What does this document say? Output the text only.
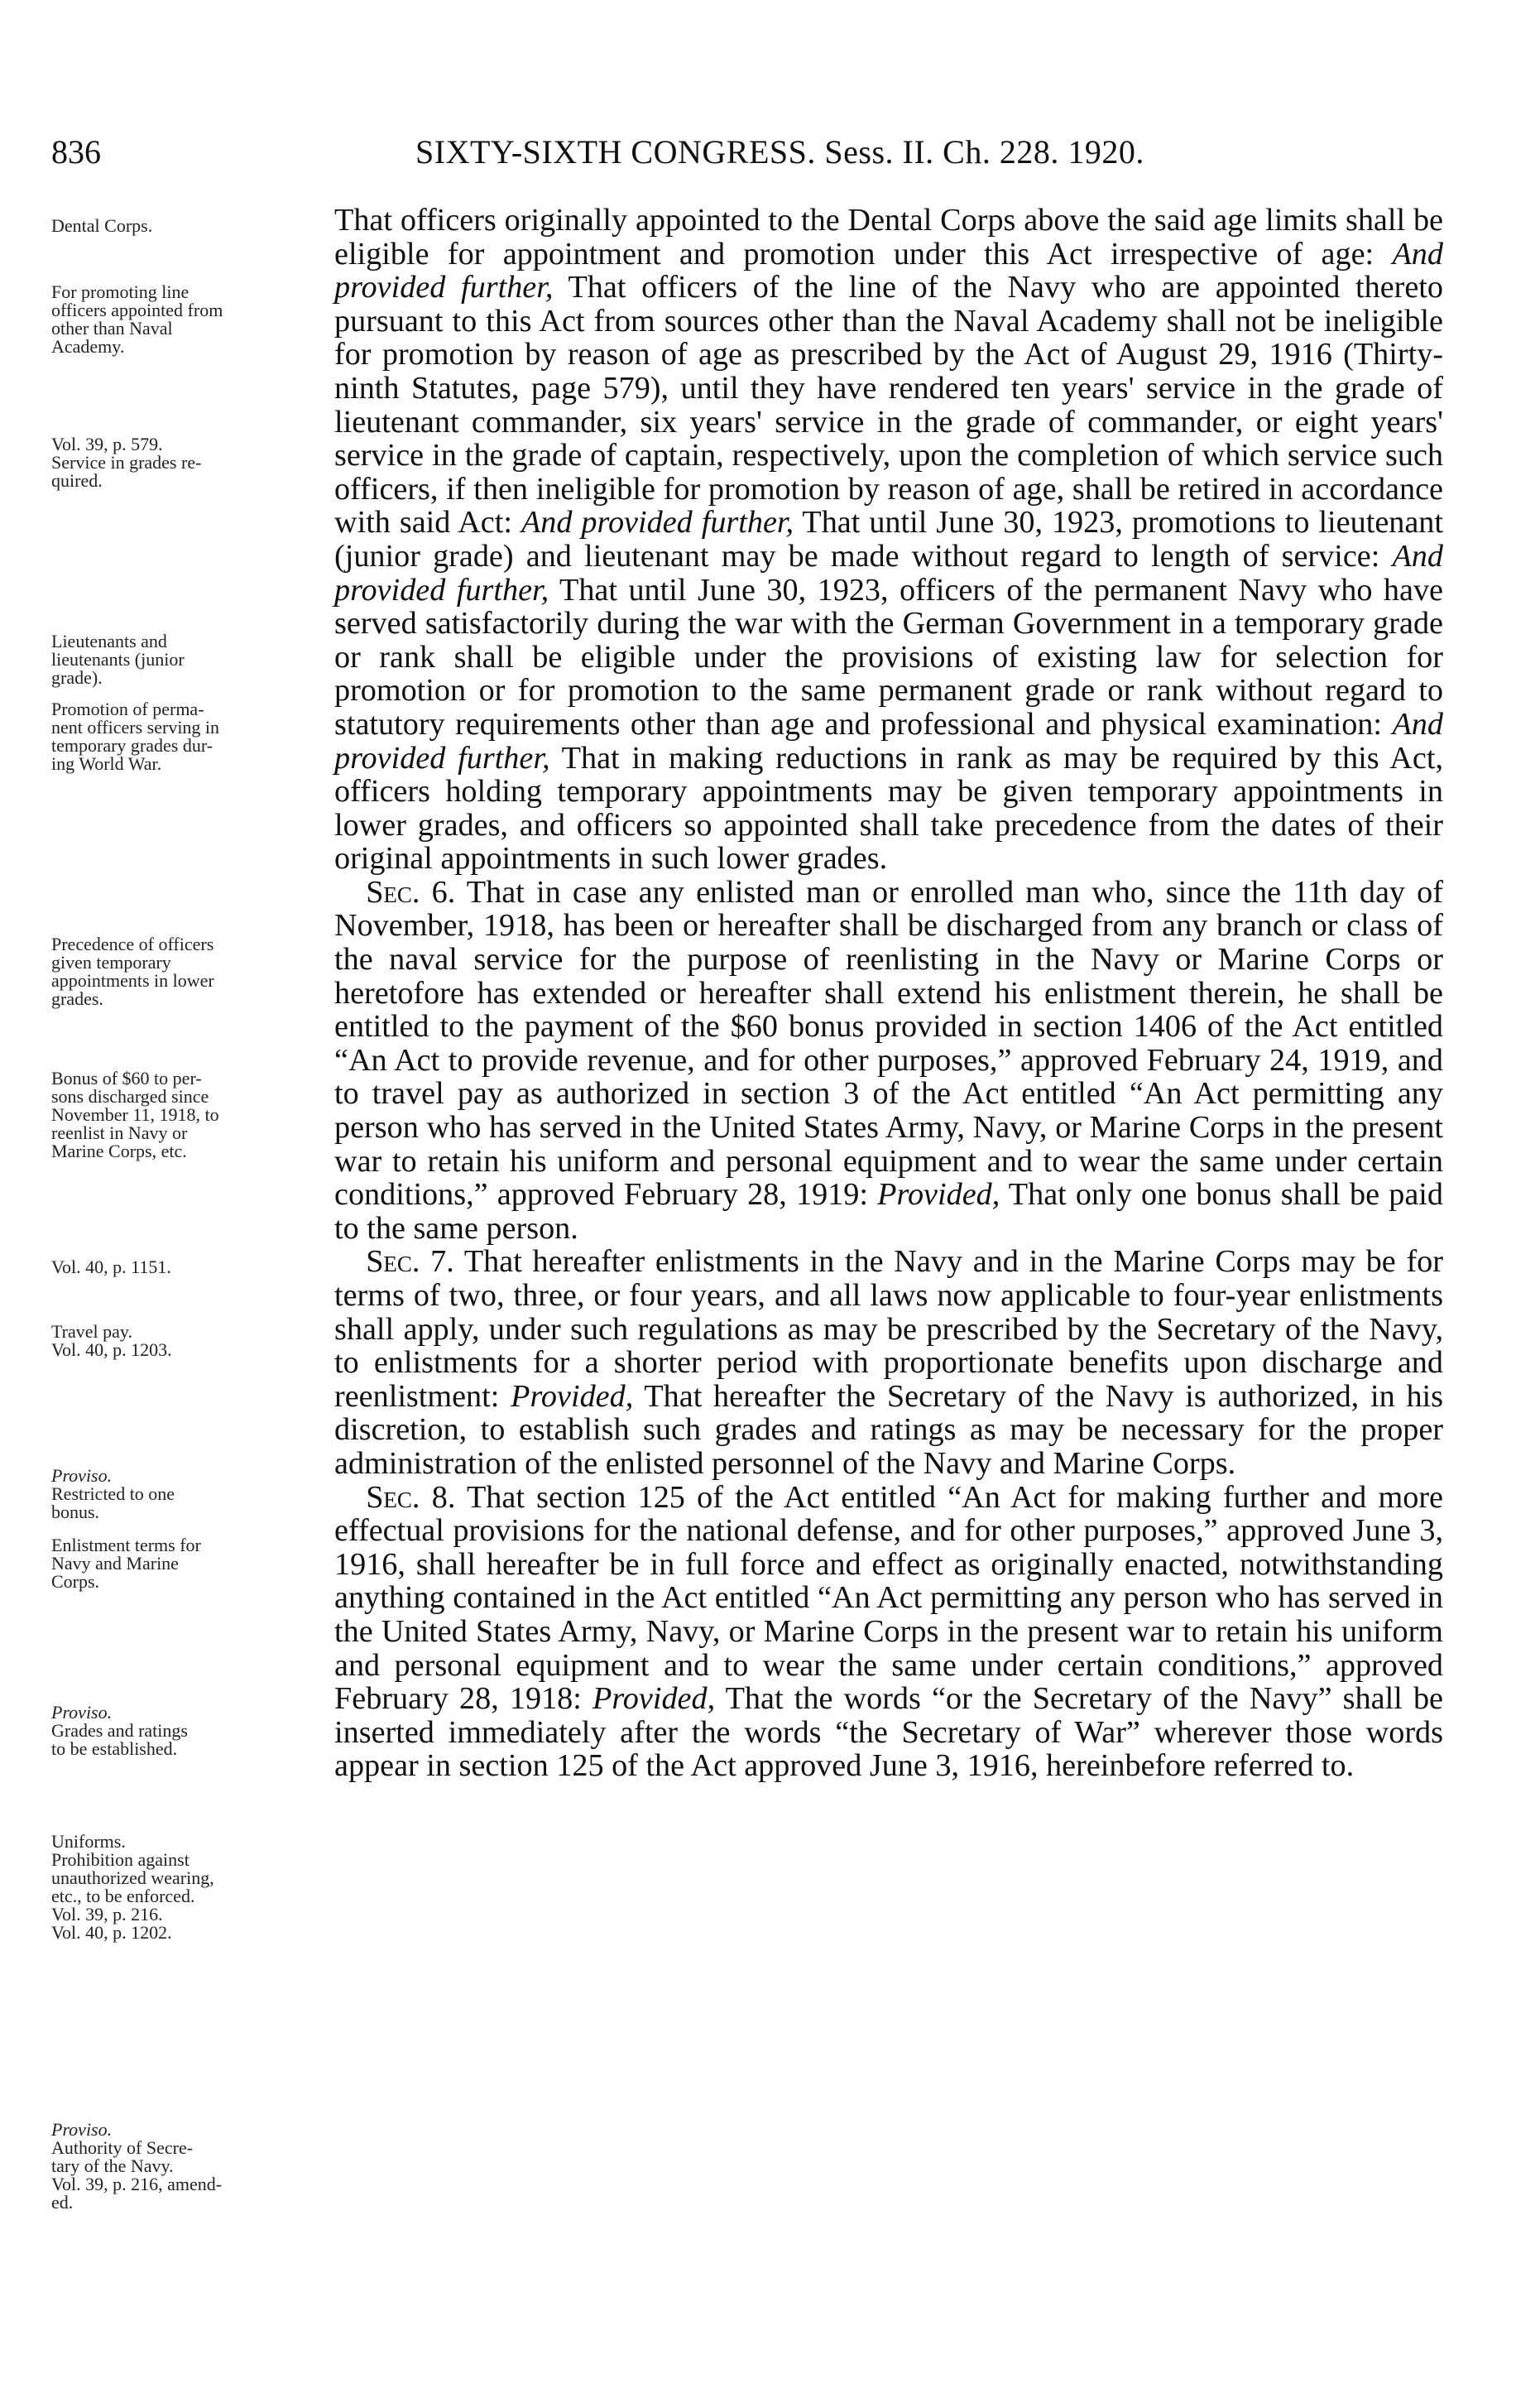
836	SIXTY-SIXTH CONGRESS. Sess. II. Ch. 228. 1920.
Dental Corps.
For promoting line
officers appointed from
other than Naval
Academy.
Vol. 39, p. 579.
Service in grades re-
quired.
Lieutenants and
lieutenants (junior
grade).
Promotion of perma-
nent officers serving in
temporary grades dur-
ing World War.
Precedence of officers
given temporary
appointments in lower
grades.
Bonus of $60 to per-
sons discharged since
November 11, 1918, to
reenlist in Navy or
Marine Corps, etc.
Vol. 40, p. 1151.
Travel pay.
Vol. 40, p. 1203.
Proviso.
Restricted to one
bonus.
Enlistment terms for
Navy and Marine
Corps.
Proviso.
Grades and ratings
to be established.
Uniforms.
Prohibition against
unauthorized wearing,
etc., to be enforced.
Vol. 39, p. 216.
Vol. 40, p. 1202.
Proviso.
Authority of Secre-
tary of the Navy.
Vol. 39, p. 216, amend-
ed.

That officers originally appointed to the Dental Corps above the said age limits shall be eligible for appointment and promotion under this Act irrespective of age: And provided further, That officers of the line of the Navy who are appointed thereto pursuant to this Act from sources other than the Naval Academy shall not be ineligible for promotion by reason of age as prescribed by the Act of August 29, 1916 (Thirty-ninth Statutes, page 579), until they have rendered ten years' service in the grade of lieutenant commander, six years' service in the grade of commander, or eight years' service in the grade of captain, respectively, upon the completion of which service such officers, if then ineligible for promotion by reason of age, shall be retired in accordance with said Act: And provided further, That until June 30, 1923, promotions to lieutenant (junior grade) and lieutenant may be made without regard to length of service: And provided further, That until June 30, 1923, officers of the permanent Navy who have served satisfactorily during the war with the German Government in a temporary grade or rank shall be eligible under the provisions of existing law for selection for promotion or for promotion to the same permanent grade or rank without regard to statutory requirements other than age and professional and physical examination: And provided further, That in making reductions in rank as may be required by this Act, officers holding temporary appointments may be given temporary appointments in lower grades, and officers so appointed shall take precedence from the dates of their original appointments in such lower grades.

 Sec. 6. That in case any enlisted man or enrolled man who, since the 11th day of November, 1918, has been or hereafter shall be discharged from any branch or class of the naval service for the purpose of reenlisting in the Navy or Marine Corps or heretofore has extended or hereafter shall extend his enlistment therein, he shall be entitled to the payment of the $60 bonus provided in section 1406 of the Act entitled “An Act to provide revenue, and for other purposes,” approved February 24, 1919, and to travel pay as authorized in section 3 of the Act entitled “An Act permitting any person who has served in the United States Army, Navy, or Marine Corps in the present war to retain his uniform and personal equipment and to wear the same under certain conditions,” approved February 28, 1919: Provided, That only one bonus shall be paid to the same person.

 Sec. 7. That hereafter enlistments in the Navy and in the Marine Corps may be for terms of two, three, or four years, and all laws now applicable to four-year enlistments shall apply, under such regulations as may be prescribed by the Secretary of the Navy, to enlistments for a shorter period with proportionate benefits upon discharge and reenlistment: Provided, That hereafter the Secretary of the Navy is authorized, in his discretion, to establish such grades and ratings as may be necessary for the proper administration of the enlisted personnel of the Navy and Marine Corps.

 Sec. 8. That section 125 of the Act entitled “An Act for making further and more effectual provisions for the national defense, and for other purposes,” approved June 3, 1916, shall hereafter be in full force and effect as originally enacted, notwithstanding anything contained in the Act entitled “An Act permitting any person who has served in the United States Army, Navy, or Marine Corps in the present war to retain his uniform and personal equipment and to wear the same under certain conditions,” approved February 28, 1918: Provided, That the words “or the Secretary of the Navy” shall be inserted immediately after the words “the Secretary of War” wherever those words appear in section 125 of the Act approved June 3, 1916, hereinbefore referred to.
